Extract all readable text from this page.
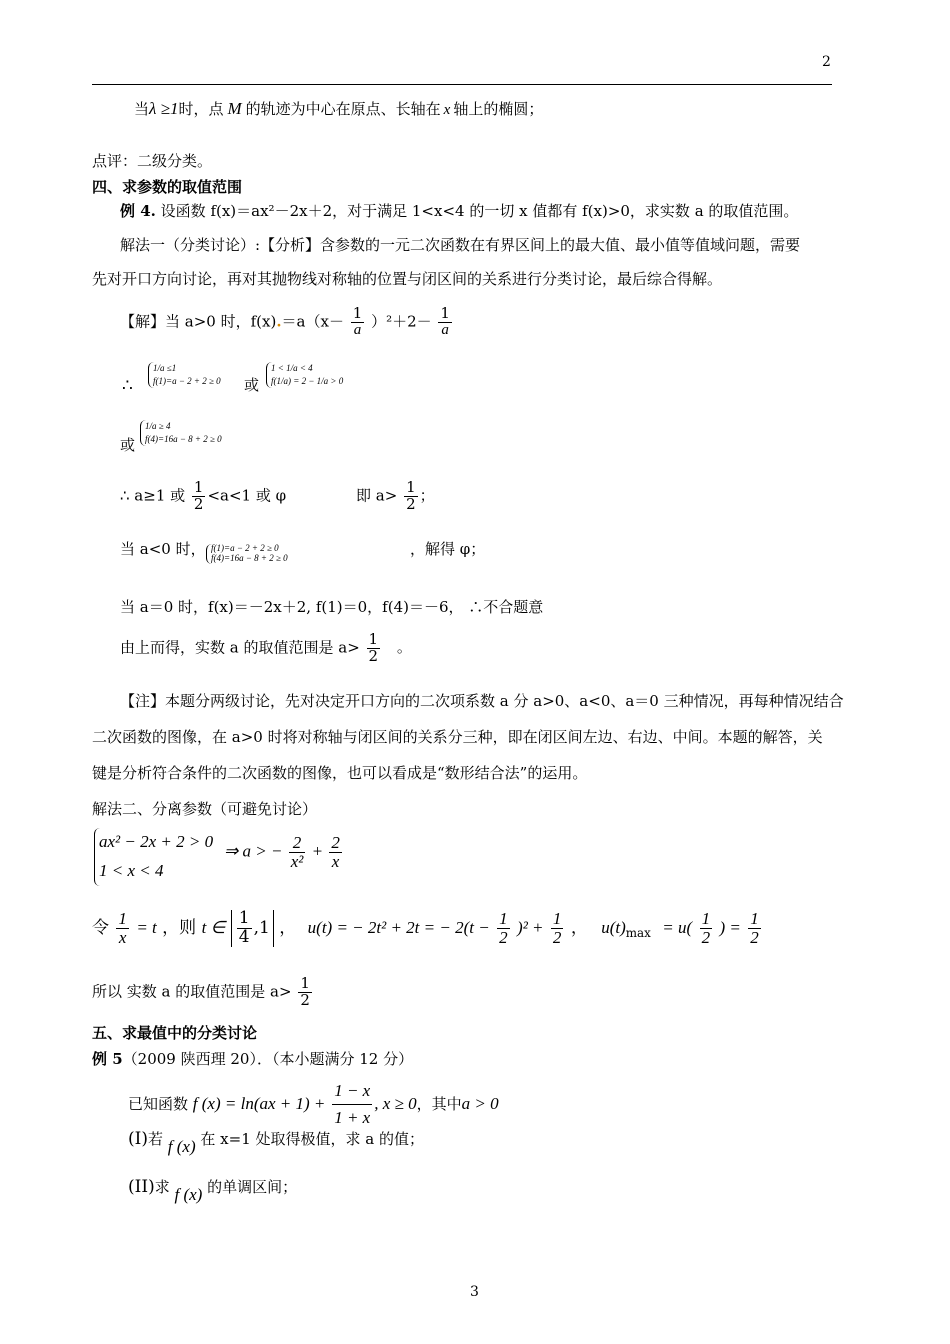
2
当λ ≥1时，点 M 的轨迹为中心在原点、长轴在 x 轴上的椭圆；
点评：二级分类。
四、求参数的取值范围
例 4. 设函数 f(x)＝ax²－2x＋2，对于满足 1<x<4 的一切 x 值都有 f(x)>0，求实数 a 的取值范围。
解法一（分类讨论）:【分析】含参数的一元二次函数在有界区间上的最大值、最小值等值域问题，需要
先对开口方向讨论，再对其抛物线对称轴的位置与闭区间的关系进行分类讨论，最后综合得解。
【解】当 a>0 时，$f(x).=a(x- \frac{1}{a} )^2+2- \frac{1}{a}$
∴
1/a ≤1
f(1)=a − 2 + 2 ≥ 0 或
1 < 1/a < 4
f(1/a) = 2 − 1/a > 0
或
1/a ≥ 4
f(4)=16a − 8 + 2 ≥ 0
∴ a≥1 或 $\frac{1}{2} <a<1$ 或 φ	即 $a> \frac{1}{2}$ ；
当 a<0 时， f(1)=a − 2 + 2 ≥ 0
f(4)=16a − 8 + 2 ≥ 0	，解得 φ；
当 a＝0 时，f(x)＝－2x＋2, f(1)＝0，f(4)＝－6， ∴不合题意
由上而得，实数 a 的取值范围是 $a> \frac{1}{2}$ 。
【注】本题分两级讨论，先对决定开口方向的二次项系数 a 分 a>0、a<0、a＝0 三种情况，再每种情况结合
二次函数的图像，在 a>0 时将对称轴与闭区间的关系分三种，即在闭区间左边、右边、中间。本题的解答，关
键是分析符合条件的二次函数的图像，也可以看成是“数形结合法”的运用。
解法二、分离参数（可避免讨论）
ax² − 2x + 2 > 0
1 < x < 4
⇒ a > − $\frac{2}{\text{x²}} + \frac{2}{x}$
令 $\frac{1}{x} = t$ ，则 t ∈ $\frac{1}{4} ,1$ ， u(t) = − 2t² + 2t = − $2(t - \frac{1}{2} )^2 + \frac{1}{2}$ ， $u(t)_{max} = u( \frac{1}{2}$ ) = $\frac{1}{2}$
所以 实数 a 的取值范围是 $a> \frac{1}{2}$
五、求最值中的分类讨论
例 5（2009 陕西理 20）．（本小题满分 12 分）
已知函数 f $(x) = \ln(ax + 1) + \frac{1 - x}{1 + x}$ , x ≥ 0，其中a > 0
(I)若 f (x) 在 x=1 处取得极值，求 a 的值；
(II)求 f (x) 的单调区间；
3
